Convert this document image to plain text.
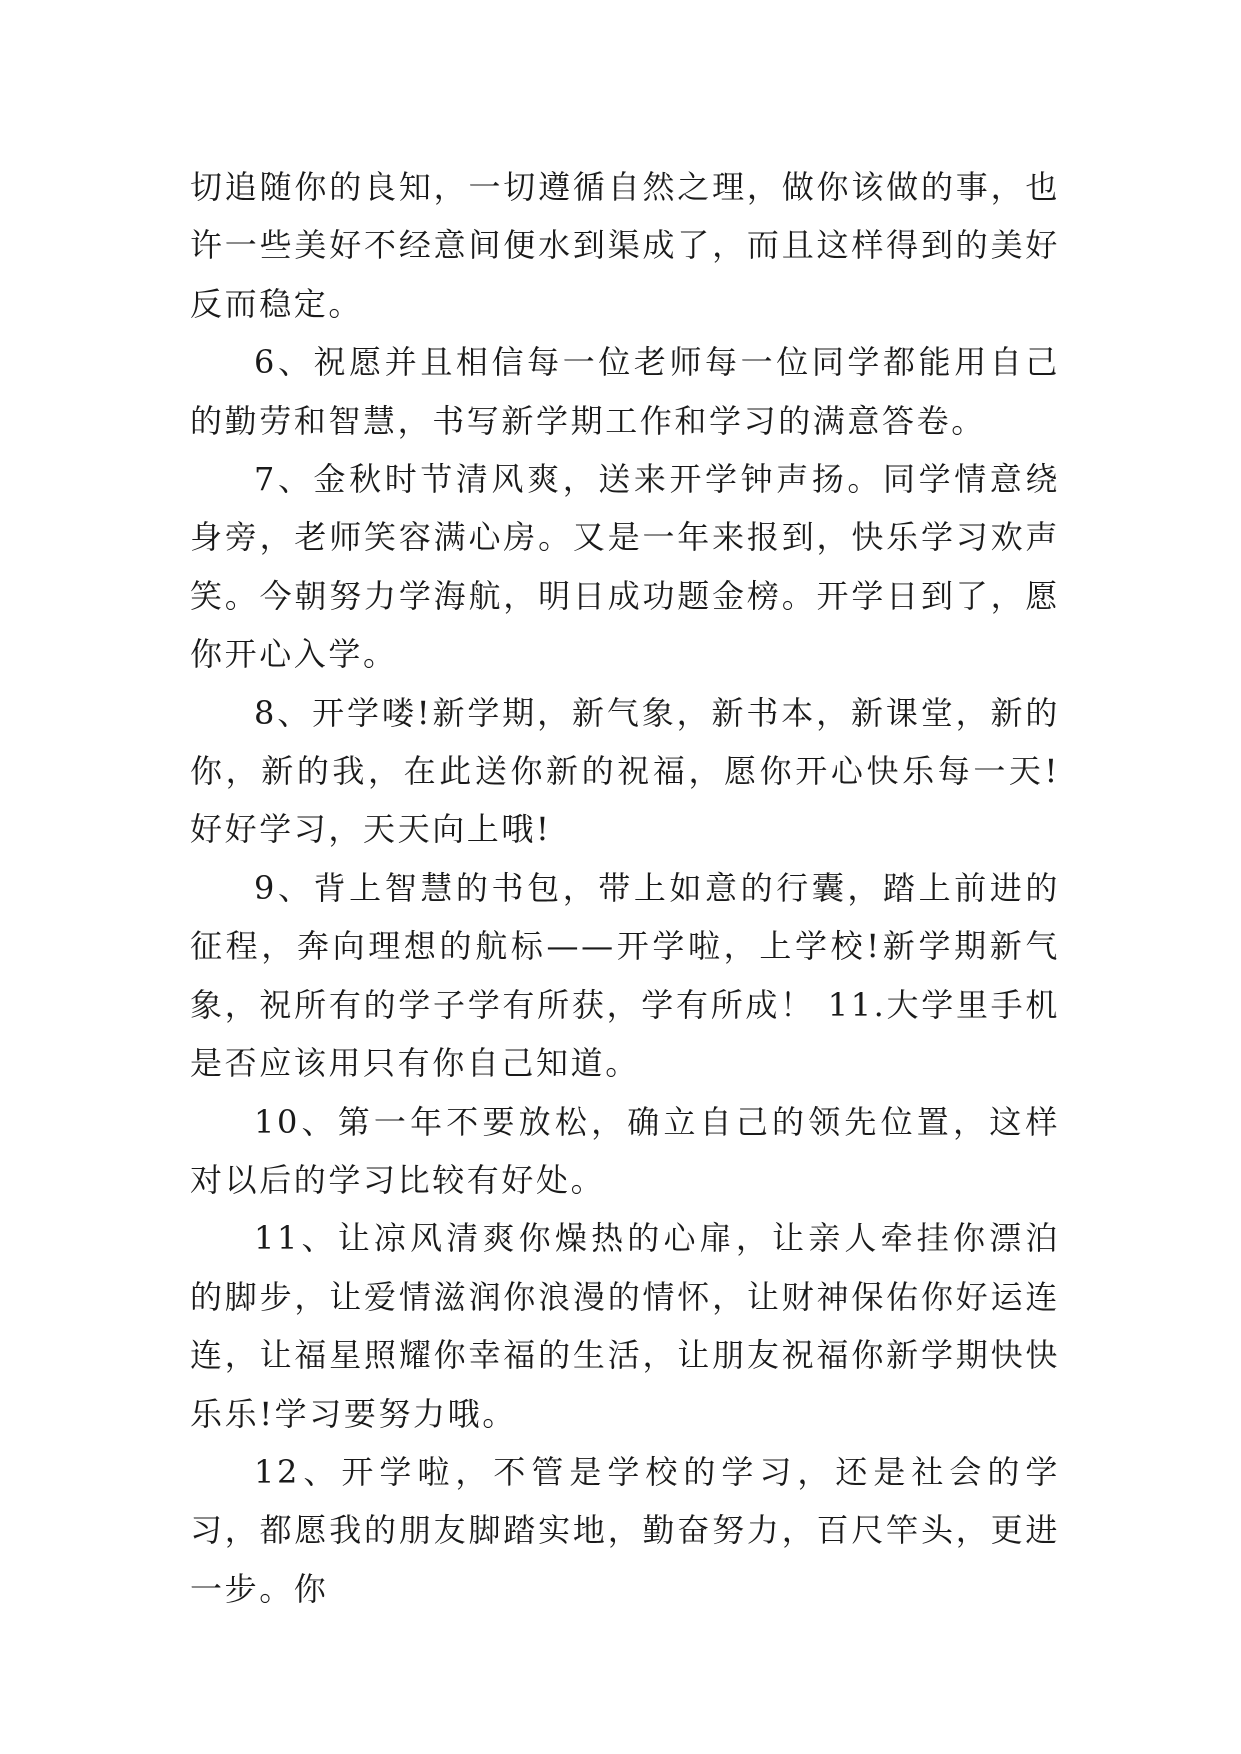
切追随你的良知，一切遵循自然之理，做你该做的事，也许一些美好不经意间便水到渠成了，而且这样得到的美好反而稳定。

6、祝愿并且相信每一位老师每一位同学都能用自己的勤劳和智慧，书写新学期工作和学习的满意答卷。

7、金秋时节清风爽，送来开学钟声扬。同学情意绕身旁，老师笑容满心房。又是一年来报到，快乐学习欢声笑。今朝努力学海航，明日成功题金榜。开学日到了，愿你开心入学。

8、开学喽!新学期，新气象，新书本，新课堂，新的你，新的我，在此送你新的祝福，愿你开心快乐每一天!好好学习，天天向上哦!

9、背上智慧的书包，带上如意的行囊，踏上前进的征程，奔向理想的航标——开学啦，上学校!新学期新气象，祝所有的学子学有所获，学有所成！ 11.大学里手机是否应该用只有你自己知道。

10、第一年不要放松，确立自己的领先位置，这样对以后的学习比较有好处。

11、让凉风清爽你燥热的心扉，让亲人牵挂你漂泊的脚步，让爱情滋润你浪漫的情怀，让财神保佑你好运连连，让福星照耀你幸福的生活，让朋友祝福你新学期快快乐乐!学习要努力哦。

12、开学啦，不管是学校的学习，还是社会的学习，都愿我的朋友脚踏实地，勤奋努力，百尺竿头，更进一步。你
